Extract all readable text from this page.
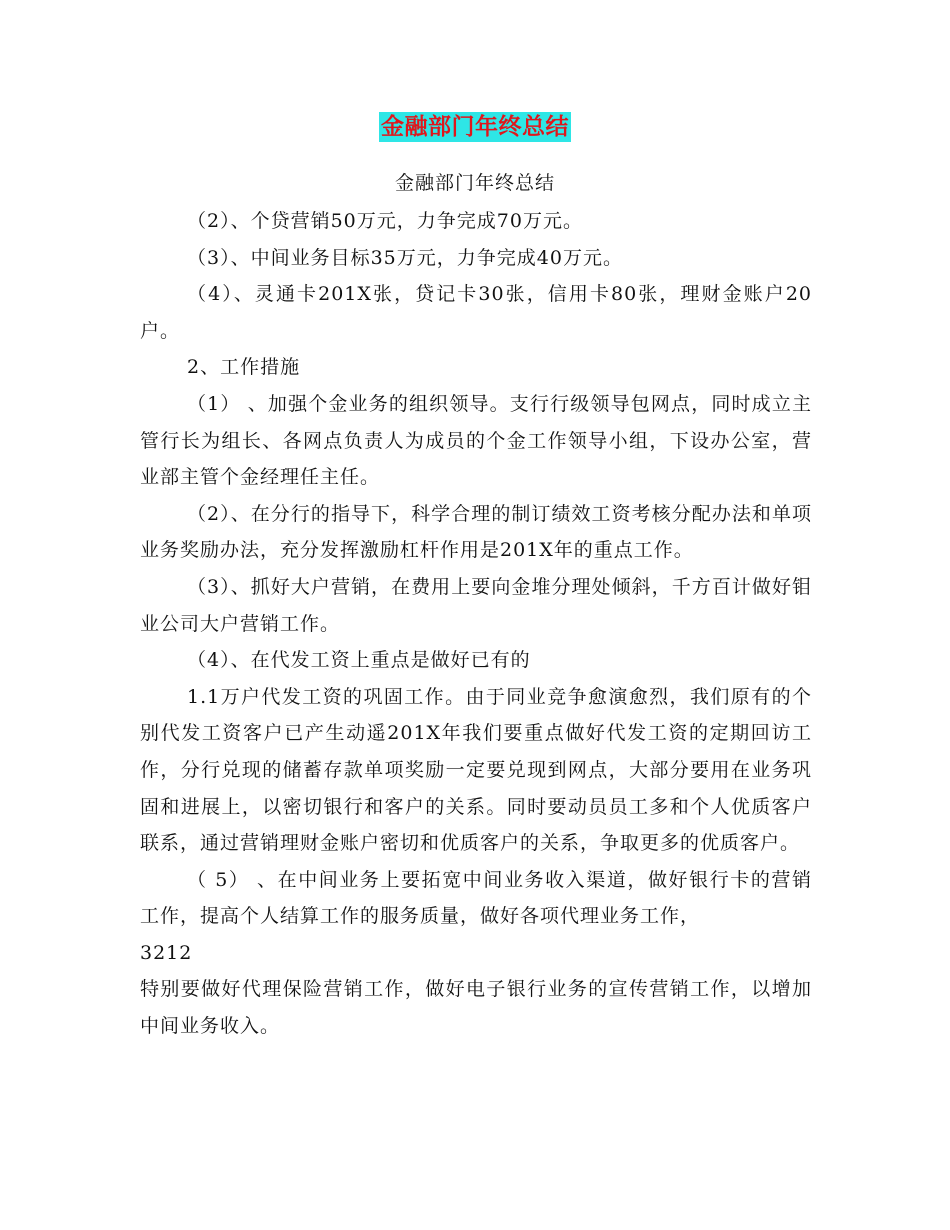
金融部门年终总结
金融部门年终总结

（2）、个贷营销50万元，力争完成70万元。

（3）、中间业务目标35万元，力争完成40万元。

（4）、灵通卡201X张，贷记卡30张，信用卡80张，理财金账户20户。

2、工作措施

（1） 、加强个金业务的组织领导。支行行级领导包网点，同时成立主管行长为组长、各网点负责人为成员的个金工作领导小组，下设办公室，营业部主管个金经理任主任。

（2）、在分行的指导下，科学合理的制订绩效工资考核分配办法和单项业务奖励办法，充分发挥激励杠杆作用是201X年的重点工作。

（3）、抓好大户营销，在费用上要向金堆分理处倾斜，千方百计做好钼业公司大户营销工作。

（4）、在代发工资上重点是做好已有的

1.1万户代发工资的巩固工作。由于同业竞争愈演愈烈，我们原有的个别代发工资客户已产生动遥201X年我们要重点做好代发工资的定期回访工作，分行兑现的储蓄存款单项奖励一定要兑现到网点，大部分要用在业务巩固和进展上，以密切银行和客户的关系。同时要动员员工多和个人优质客户联系，通过营销理财金账户密切和优质客户的关系，争取更多的优质客户。

（ 5） 、在中间业务上要拓宽中间业务收入渠道，做好银行卡的营销工作，提高个人结算工作的服务质量，做好各项代理业务工作，

3212

特别要做好代理保险营销工作，做好电子银行业务的宣传营销工作，以增加中间业务收入。
